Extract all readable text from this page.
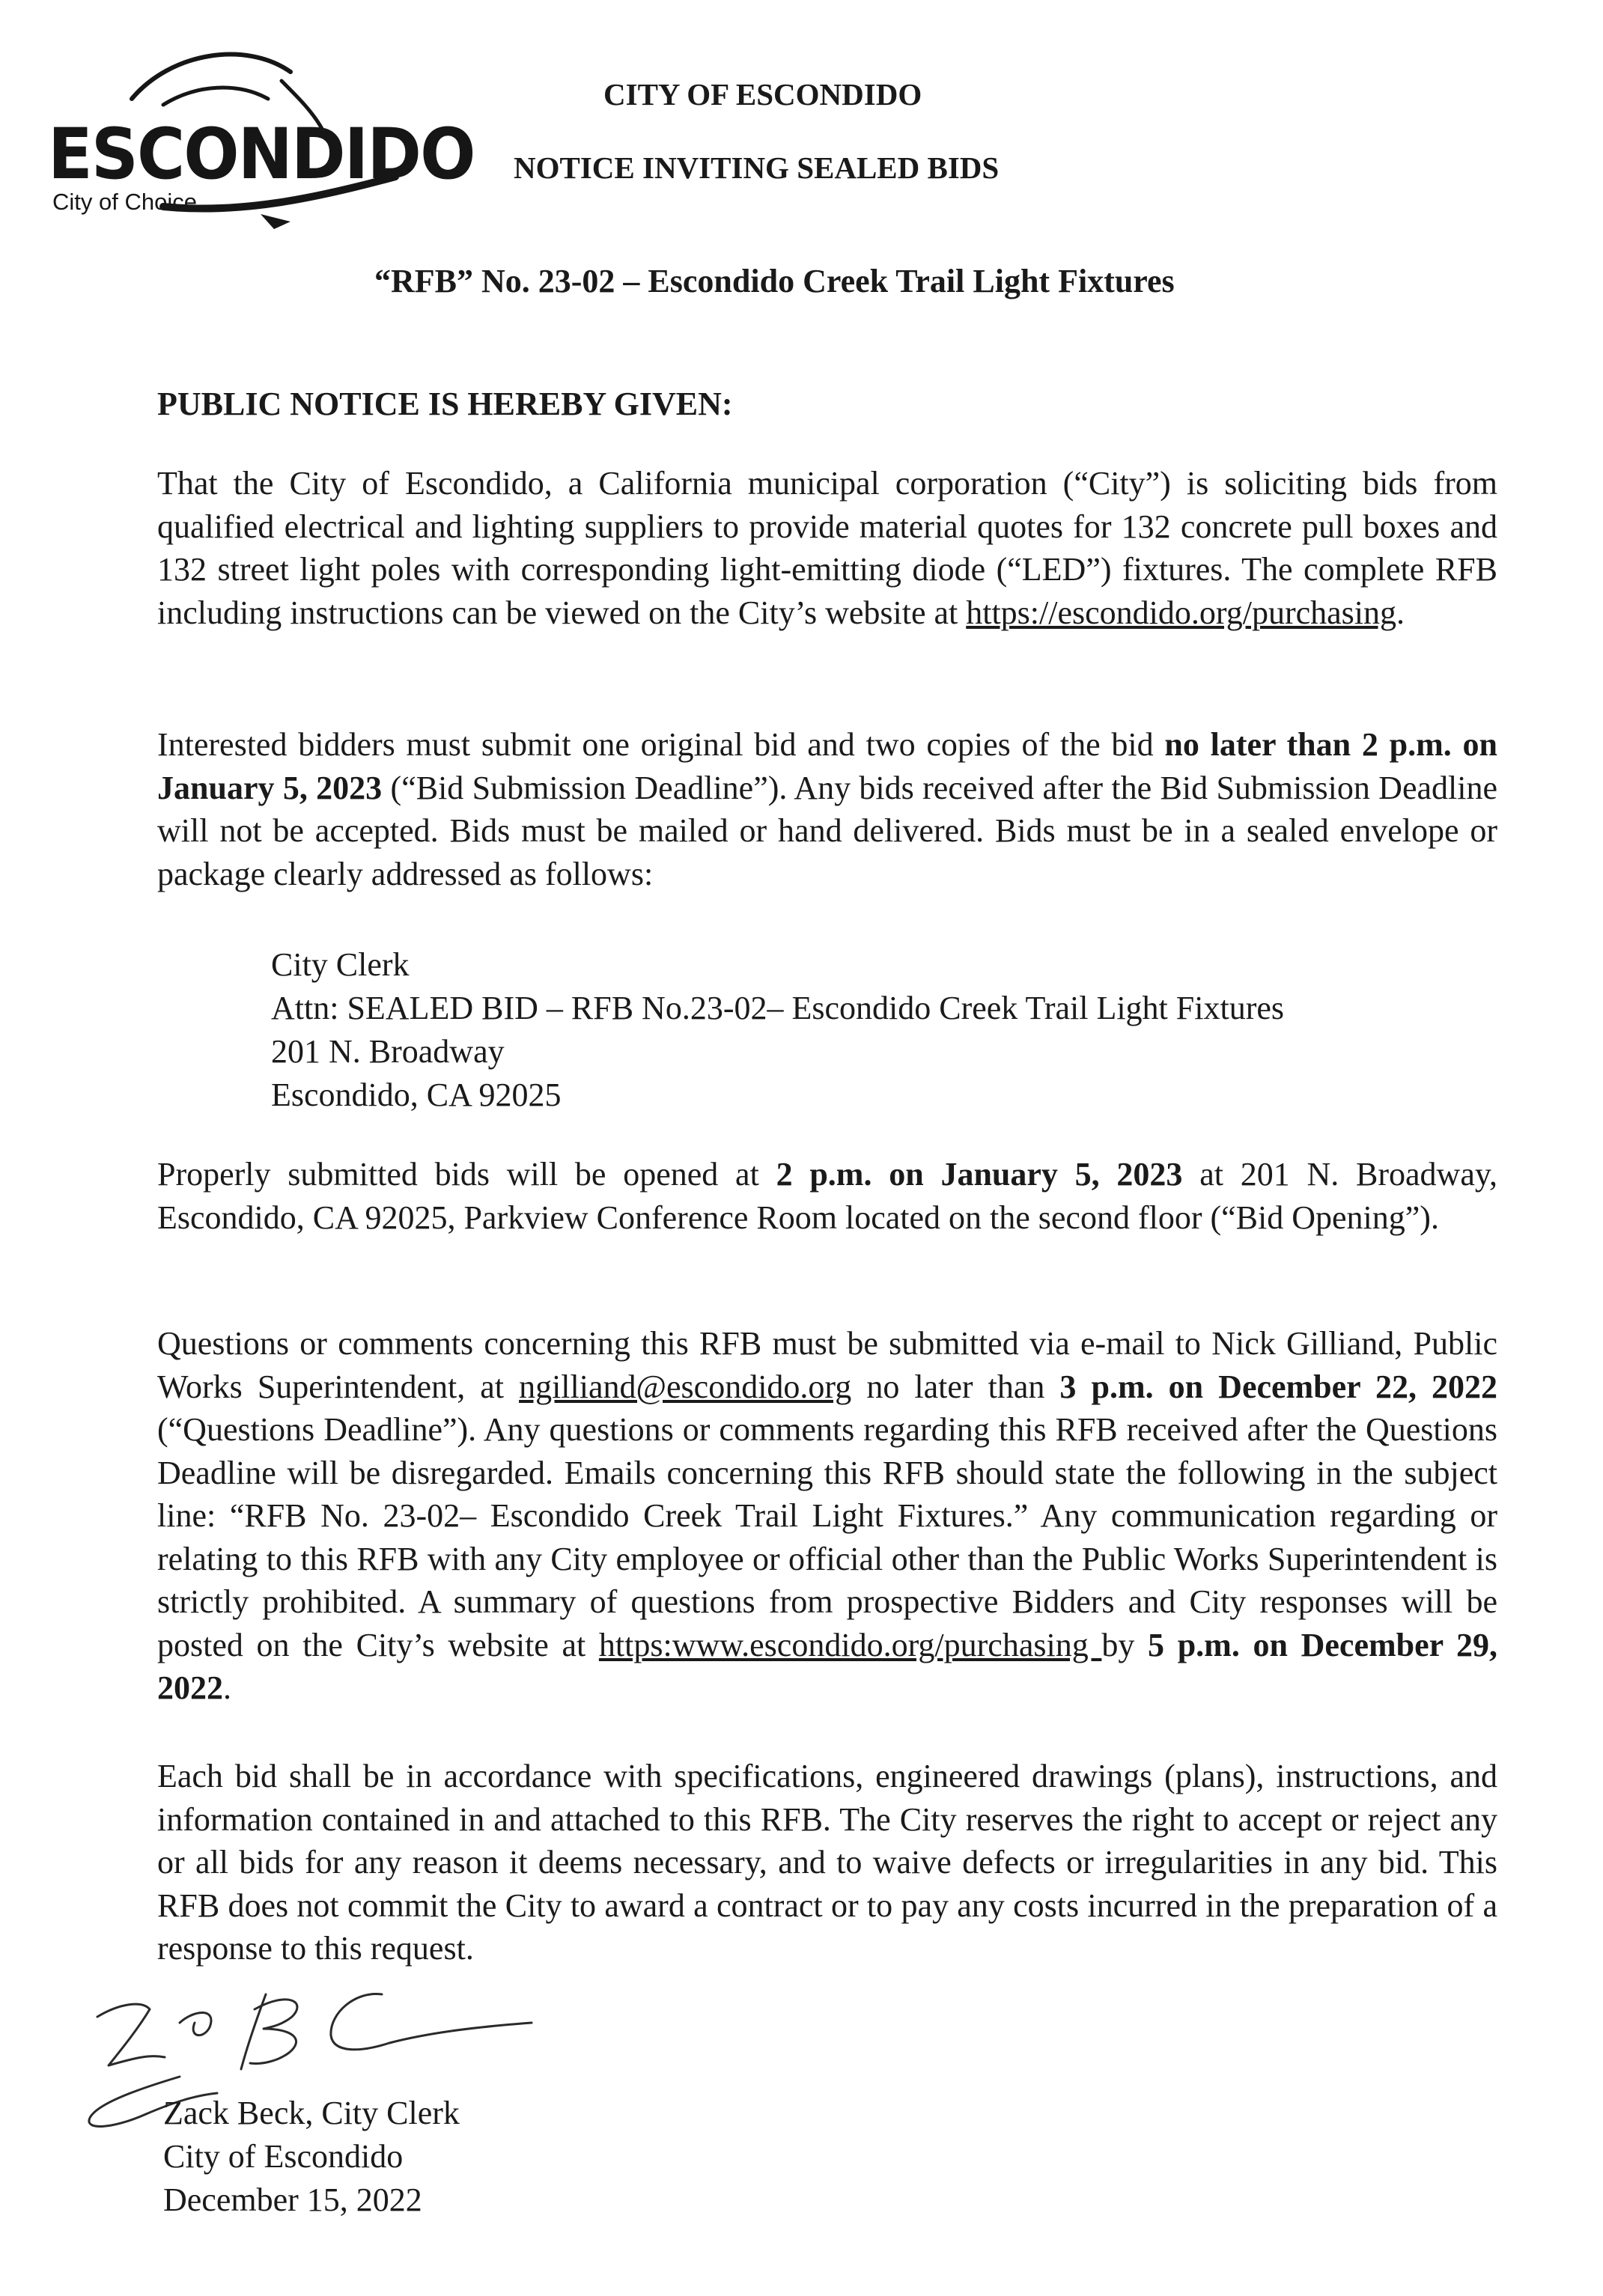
ESCONDIDO
City of Choice
CITY OF ESCONDIDO
NOTICE INVITING SEALED BIDS
“RFB” No. 23-02 – Escondido Creek Trail Light Fixtures
PUBLIC NOTICE IS HEREBY GIVEN:
That the City of Escondido, a California municipal corporation (“City”) is soliciting bids from qualified electrical and lighting suppliers to provide material quotes for 132 concrete pull boxes and 132 street light poles with corresponding light-emitting diode (“LED”) fixtures. The complete RFB including instructions can be viewed on the City’s website at https://escondido.org/purchasing.
Interested bidders must submit one original bid and two copies of the bid no later than 2 p.m. on January 5, 2023 (“Bid Submission Deadline”). Any bids received after the Bid Submission Deadline will not be accepted. Bids must be mailed or hand delivered. Bids must be in a sealed envelope or package clearly addressed as follows:
City Clerk
Attn: SEALED BID – RFB No.23-02– Escondido Creek Trail Light Fixtures
201 N. Broadway
Escondido, CA 92025
Properly submitted bids will be opened at 2 p.m. on January 5, 2023 at 201 N. Broadway, Escondido, CA 92025, Parkview Conference Room located on the second floor (“Bid Opening”).
Questions or comments concerning this RFB must be submitted via e-mail to Nick Gilliand, Public Works Superintendent, at ngilliand@escondido.org no later than 3 p.m. on December 22, 2022 (“Questions Deadline”). Any questions or comments regarding this RFB received after the Questions Deadline will be disregarded. Emails concerning this RFB should state the following in the subject line: “RFB No. 23-02– Escondido Creek Trail Light Fixtures.” Any communication regarding or relating to this RFB with any City employee or official other than the Public Works Superintendent is strictly prohibited. A summary of questions from prospective Bidders and City responses will be posted on the City’s website at https:www.escondido.org/purchasing by 5 p.m. on December 29, 2022.
Each bid shall be in accordance with specifications, engineered drawings (plans), instructions, and information contained in and attached to this RFB. The City reserves the right to accept or reject any or all bids for any reason it deems necessary, and to waive defects or irregularities in any bid. This RFB does not commit the City to award a contract or to pay any costs incurred in the preparation of a response to this request.
Zack Beck, City Clerk
City of Escondido
December 15, 2022
